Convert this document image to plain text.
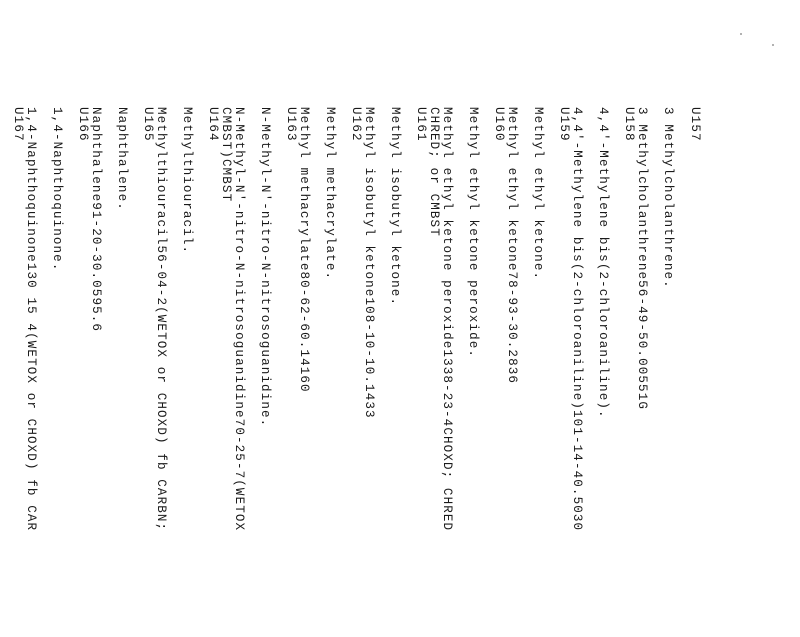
U157

3 Methylcholanthrene.

3 Methylcholanthrene56-49-50.00551G

U158

4,4'-Methylene bis(2-chloroaniline).

4,4'-Methylene bis(2-chloroaniline)101-14-40.5030

U159

Methyl ethyl ketone.

Methyl ethyl ketone78-93-30.2836

U160

Methyl ethyl ketone peroxide.

Methyl ethyl ketone peroxide1338-23-4CHOXD; CHRED

CHRED; or CMBST

U161

Methyl isobutyl ketone.

Methyl isobutyl ketone108-10-10.1433

U162

Methyl methacrylate.

Methyl methacrylate80-62-60.14160

U163

N-Methyl-N'-nitro-N-nitrosoguanidine.

N-Methyl-N'-nitro-N-nitrosoguanidine70-25-7(WETOX

CMBST)CMBST

U164

Methylthiouracil.

Methylthiouracil56-04-2(WETOX or CHOXD) fb CARBN;

U165

Naphthalene.

Naphthalene91-20-30.0595.6

U166

1,4-Naphthoquinone.

1,4-Naphthoquinone130 15 4(WETOX or CHOXD) fb CAR

U167
